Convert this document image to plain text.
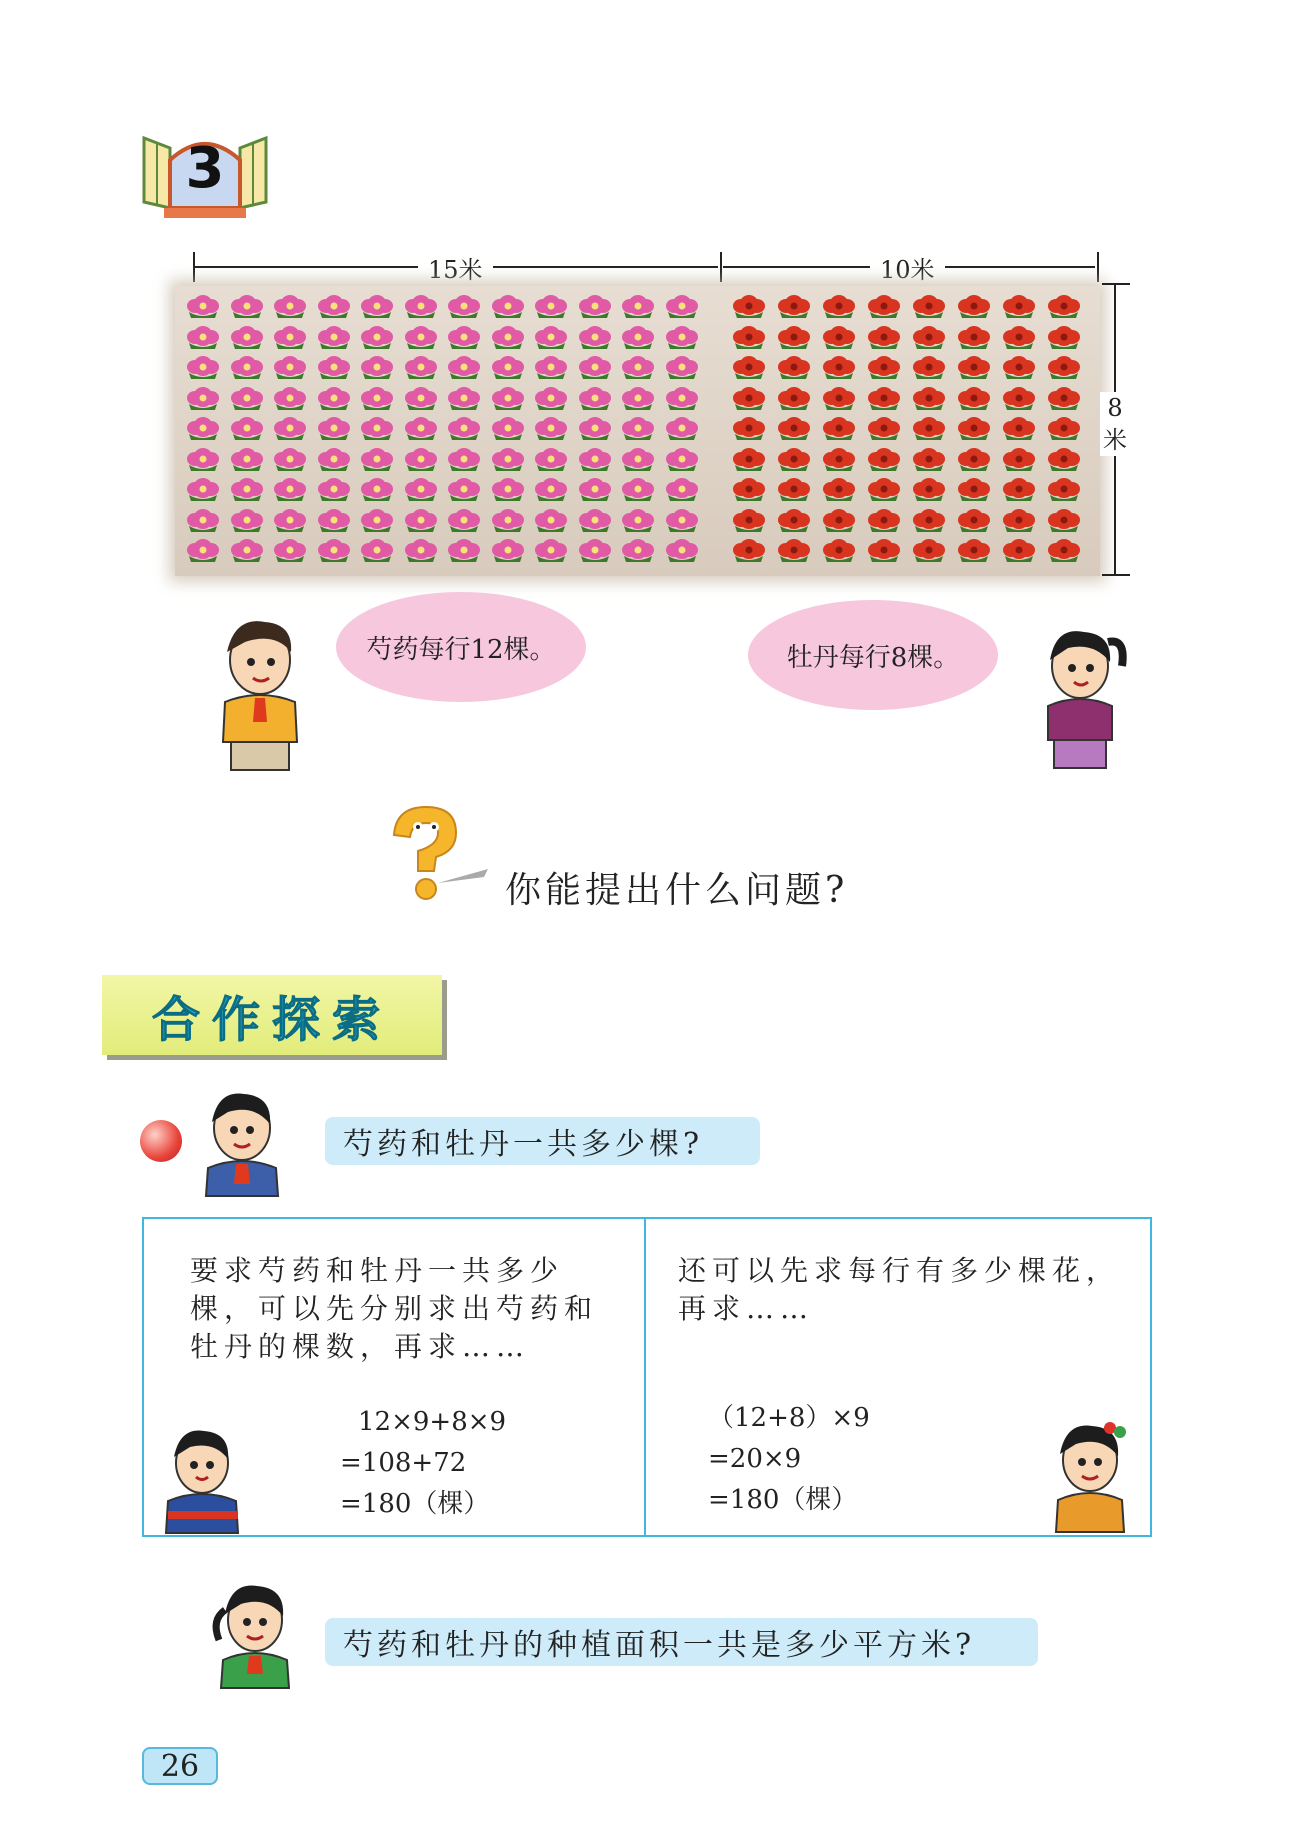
3
15米	10米
8
米
芍药每行12棵。	牡丹每行8棵。
你能提出什么问题?
合作探索
芍药和牡丹一共多少棵?
要求芍药和牡丹一共多少
棵，可以先分别求出芍药和
牡丹的棵数，再求……
12×9+8×9
=108+72
=180（棵）
还可以先求每行有多少棵花，
再求……
（12+8）×9
=20×9
=180（棵）
芍药和牡丹的种植面积一共是多少平方米?
26
